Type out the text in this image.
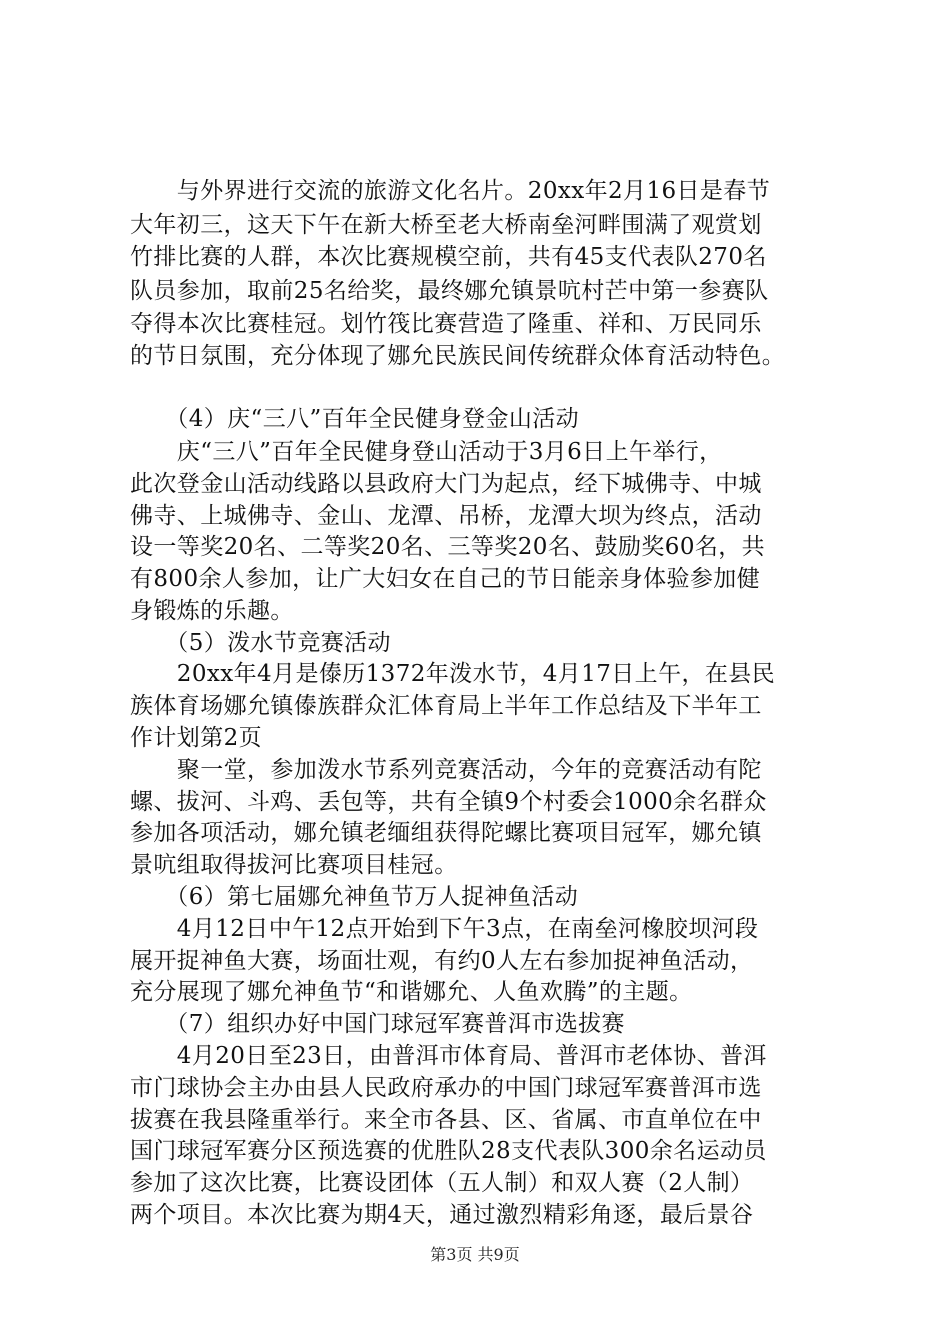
　　与外界进行交流的旅游文化名片。20xx年2月16日是春节
大年初三，这天下午在新大桥至老大桥南垒河畔围满了观赏划
竹排比赛的人群，本次比赛规模空前，共有45支代表队270名
队员参加，取前25名给奖，最终娜允镇景吭村芒中第一参赛队
夺得本次比赛桂冠。划竹筏比赛营造了隆重、祥和、万民同乐
的节日氛围，充分体现了娜允民族民间传统群众体育活动特色。
　　（4）庆“三八”百年全民健身登金山活动
　　庆“三八”百年全民健身登山活动于3月6日上午举行，
此次登金山活动线路以县政府大门为起点，经下城佛寺、中城
佛寺、上城佛寺、金山、龙潭、吊桥，龙潭大坝为终点，活动
设一等奖20名、二等奖20名、三等奖20名、鼓励奖60名，共
有800余人参加，让广大妇女在自己的节日能亲身体验参加健
身锻炼的乐趣。
　　（5）泼水节竞赛活动
　　20xx年4月是傣历1372年泼水节，4月17日上午，在县民
族体育场娜允镇傣族群众汇体育局上半年工作总结及下半年工
作计划第2页
　　聚一堂，参加泼水节系列竞赛活动，今年的竞赛活动有陀
螺、拔河、斗鸡、丢包等，共有全镇9个村委会1000余名群众
参加各项活动，娜允镇老缅组获得陀螺比赛项目冠军，娜允镇
景吭组取得拔河比赛项目桂冠。
　　（6）第七届娜允神鱼节万人捉神鱼活动
　　4月12日中午12点开始到下午3点，在南垒河橡胶坝河段
展开捉神鱼大赛，场面壮观，有约0人左右参加捉神鱼活动，
充分展现了娜允神鱼节“和谐娜允、人鱼欢腾”的主题。
　　（7）组织办好中国门球冠军赛普洱市选拔赛
　　4月20日至23日，由普洱市体育局、普洱市老体协、普洱
市门球协会主办由县人民政府承办的中国门球冠军赛普洱市选
拔赛在我县隆重举行。来全市各县、区、省属、市直单位在中
国门球冠军赛分区预选赛的优胜队28支代表队300余名运动员
参加了这次比赛，比赛设团体（五人制）和双人赛（2人制）
两个项目。本次比赛为期4天，通过激烈精彩角逐，最后景谷
第3页 共9页
